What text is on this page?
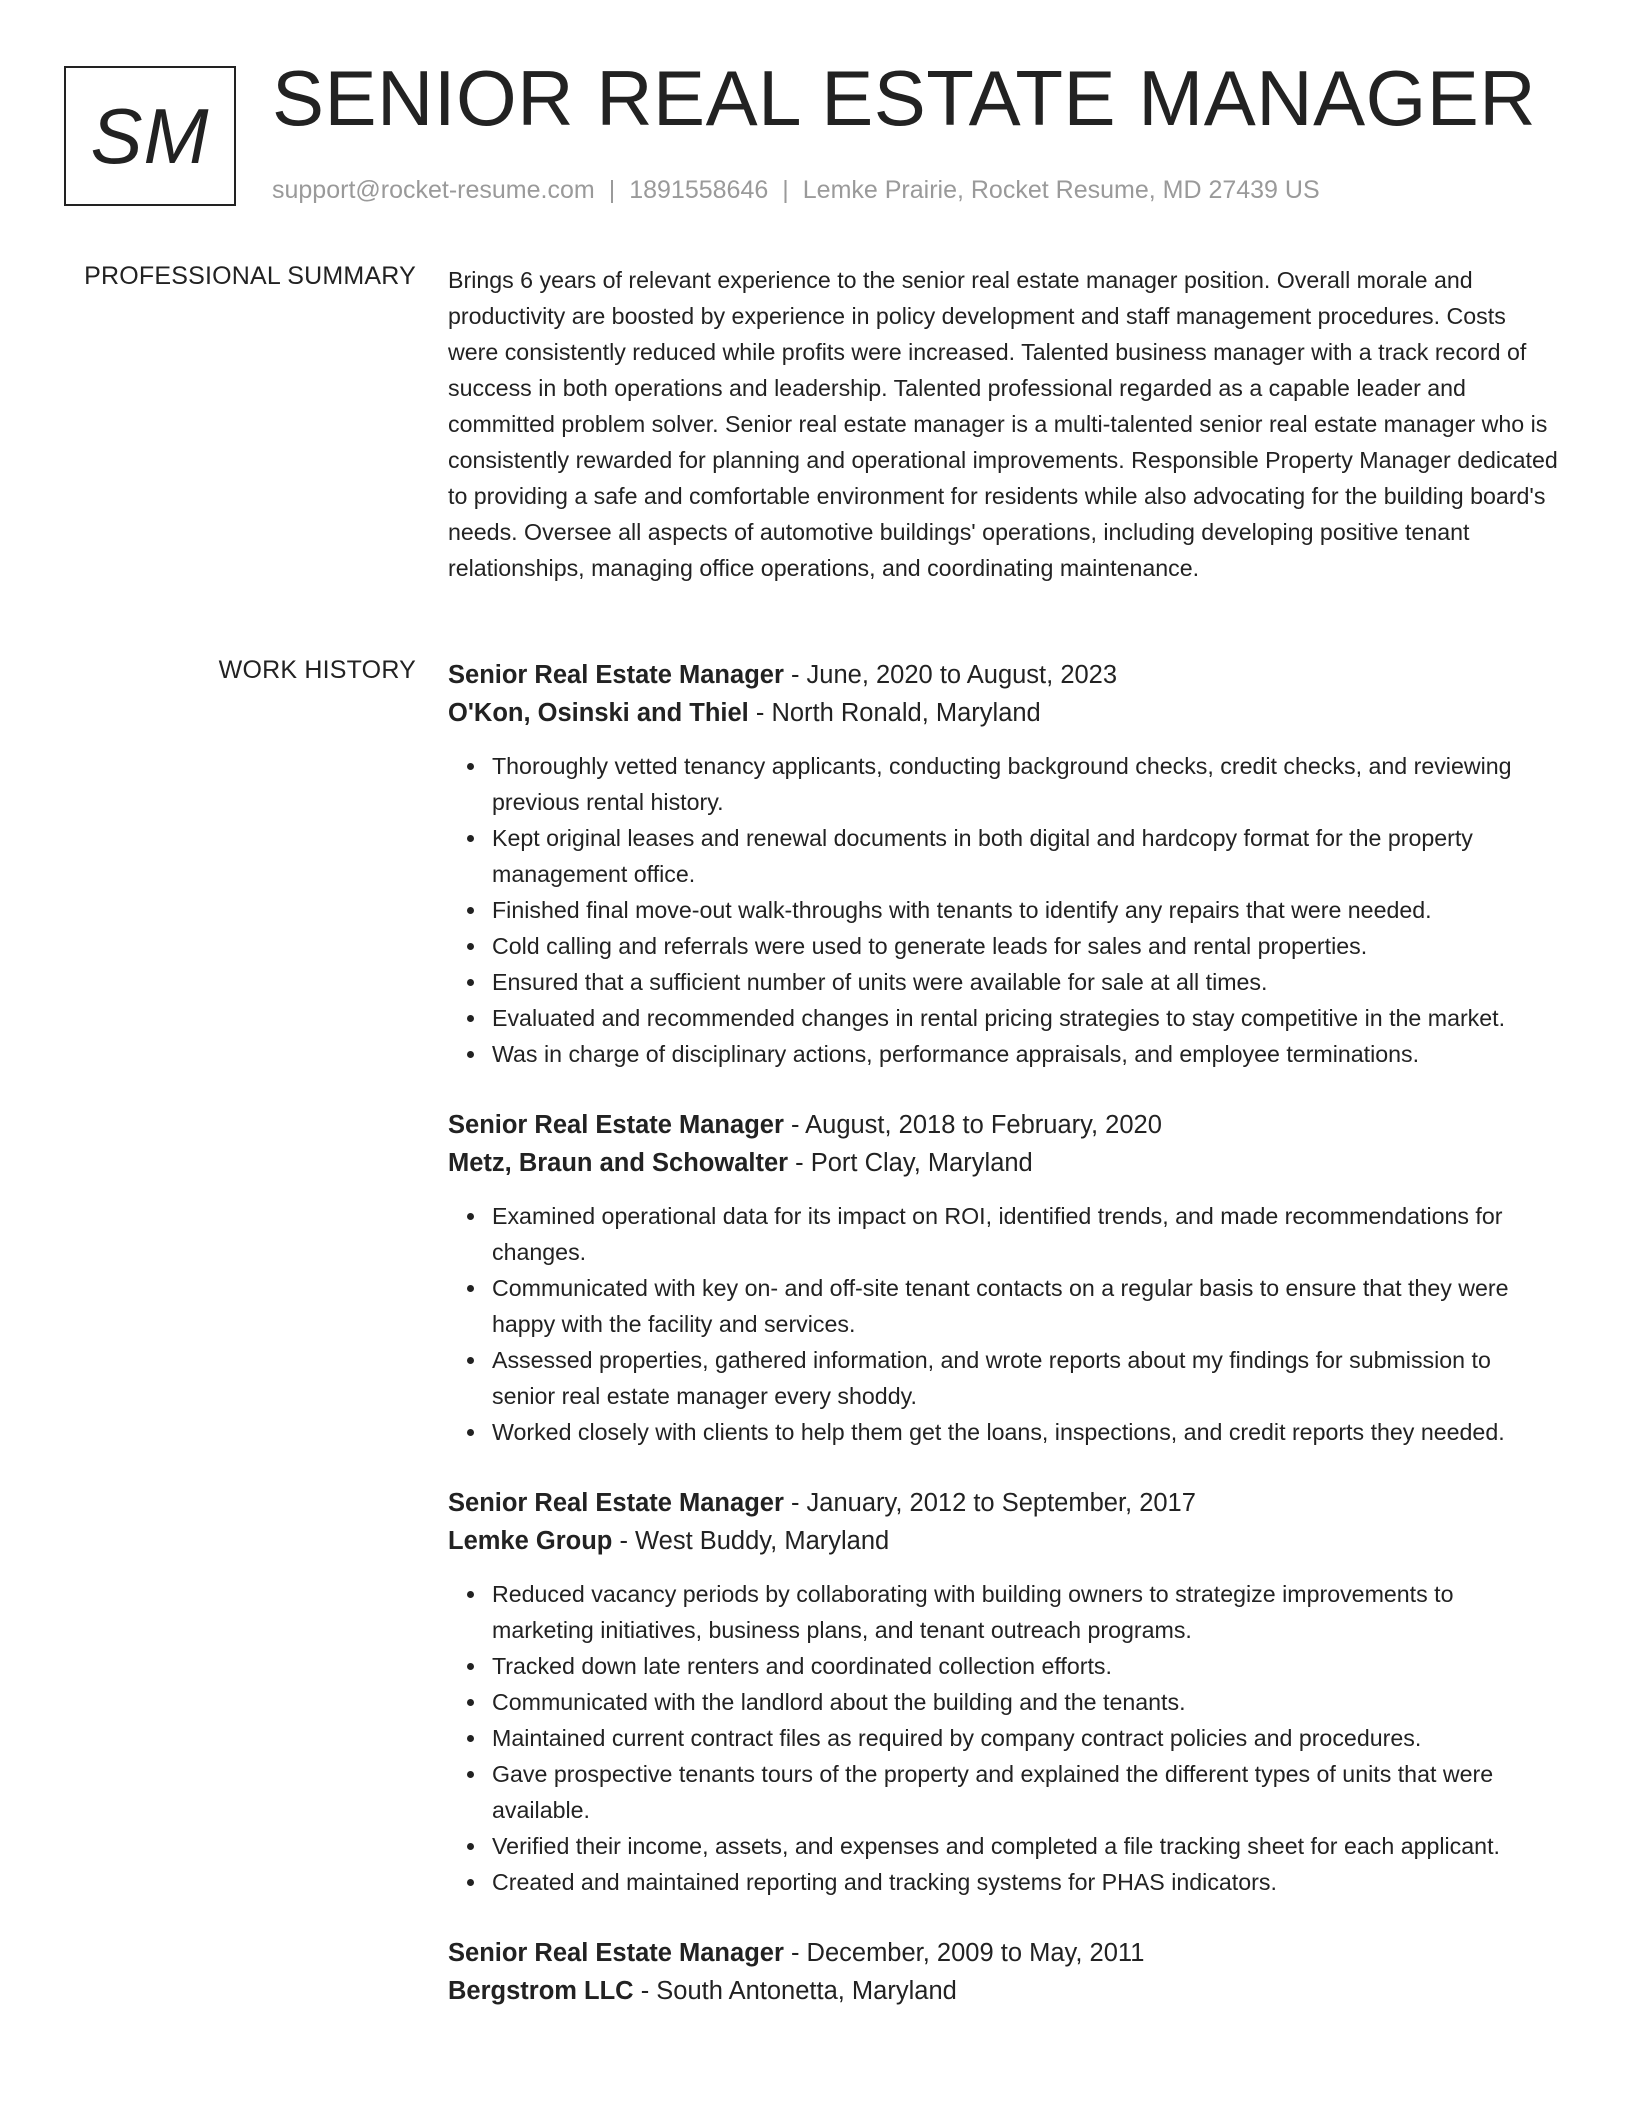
SM SENIOR REAL ESTATE MANAGER
support@rocket-resume.com | 1891558646 | Lemke Prairie, Rocket Resume, MD 27439 US
PROFESSIONAL SUMMARY Brings 6 years of relevant experience to the senior real estate manager position. Overall morale and productivity are boosted by experience in policy development and staff management procedures. Costs were consistently reduced while profits were increased. Talented business manager with a track record of success in both operations and leadership. Talented professional regarded as a capable leader and committed problem solver. Senior real estate manager is a multi-talented senior real estate manager who is consistently rewarded for planning and operational improvements. Responsible Property Manager dedicated to providing a safe and comfortable environment for residents while also advocating for the building board's needs. Oversee all aspects of automotive buildings' operations, including developing positive tenant relationships, managing office operations, and coordinating maintenance.

WORK HISTORY Senior Real Estate Manager - June, 2020 to August, 2023
O'Kon, Osinski and Thiel - North Ronald, Maryland
Thoroughly vetted tenancy applicants, conducting background checks, credit checks, and reviewing previous rental history.
Kept original leases and renewal documents in both digital and hardcopy format for the property management office.
Finished final move-out walk-throughs with tenants to identify any repairs that were needed.
Cold calling and referrals were used to generate leads for sales and rental properties.
Ensured that a sufficient number of units were available for sale at all times.
Evaluated and recommended changes in rental pricing strategies to stay competitive in the market.
Was in charge of disciplinary actions, performance appraisals, and employee terminations.
Senior Real Estate Manager - August, 2018 to February, 2020
Metz, Braun and Schowalter - Port Clay, Maryland
Examined operational data for its impact on ROI, identified trends, and made recommendations for changes.
Communicated with key on- and off-site tenant contacts on a regular basis to ensure that they were happy with the facility and services.
Assessed properties, gathered information, and wrote reports about my findings for submission to senior real estate manager every shoddy.
Worked closely with clients to help them get the loans, inspections, and credit reports they needed.
Senior Real Estate Manager - January, 2012 to September, 2017
Lemke Group - West Buddy, Maryland
Reduced vacancy periods by collaborating with building owners to strategize improvements to marketing initiatives, business plans, and tenant outreach programs.
Tracked down late renters and coordinated collection efforts.
Communicated with the landlord about the building and the tenants.
Maintained current contract files as required by company contract policies and procedures.
Gave prospective tenants tours of the property and explained the different types of units that were available.
Verified their income, assets, and expenses and completed a file tracking sheet for each applicant.
Created and maintained reporting and tracking systems for PHAS indicators.
Senior Real Estate Manager - December, 2009 to May, 2011
Bergstrom LLC - South Antonetta, Maryland
